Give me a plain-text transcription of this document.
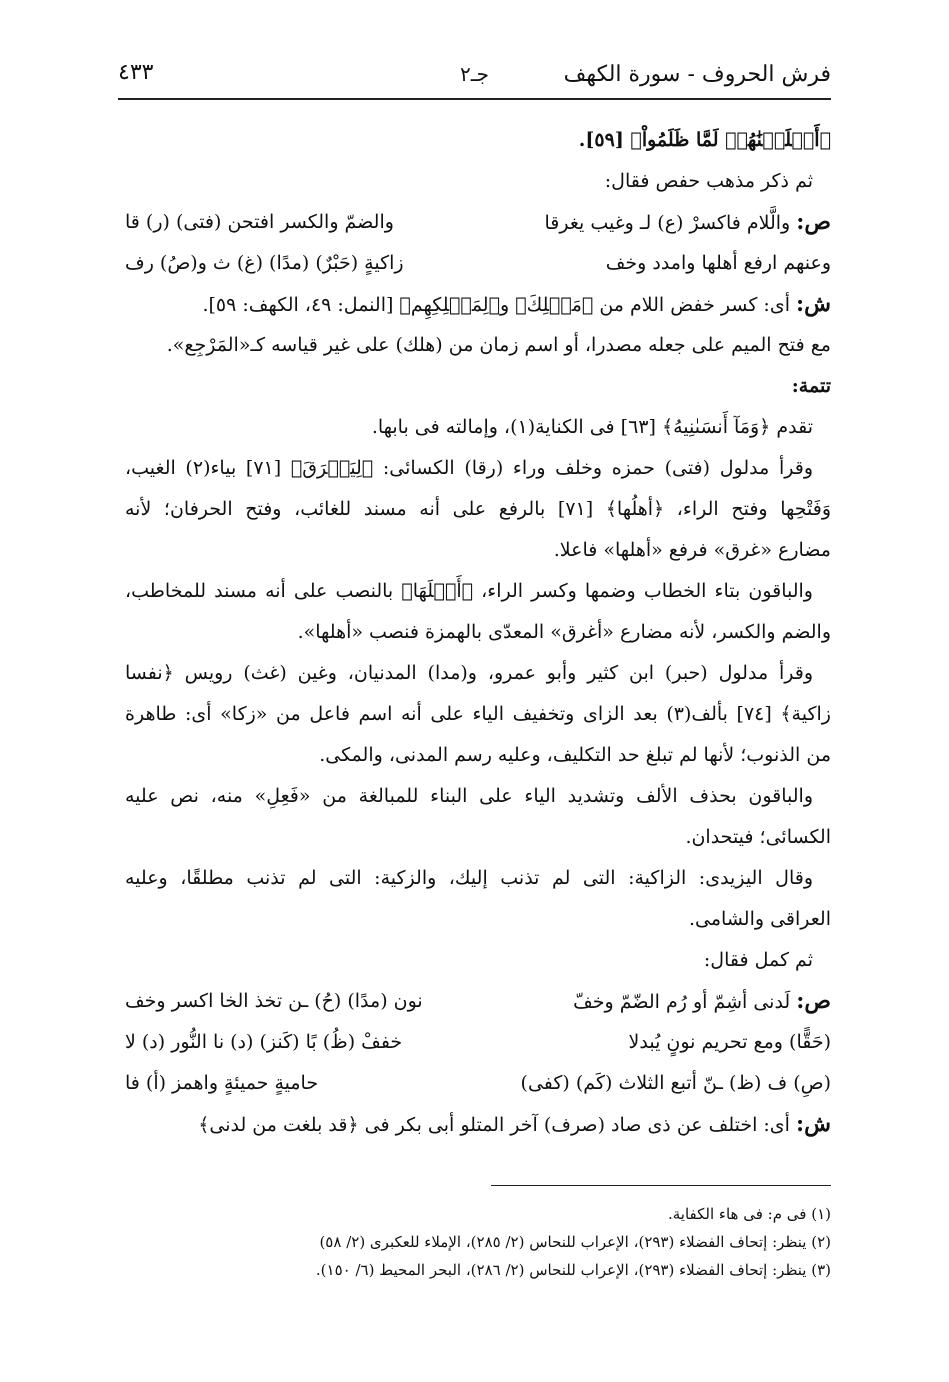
فرش الحروف - سورة الكهف
جـ٢
٤٣٣
﴿أَهۡلَكۡنَٰهُمۡ لَمَّا ظَلَمُواْ﴾ [٥٩].
ثم ذكر مذهب حفص فقال:
ص: والَّلام فاكسرْ (ع) لـ وغيب يغرقا
والضمّ والكسر افتحن (فتى) (ر) قا
وعنهم ارفع أهلها وامدد وخف
زاكيةٍ (حَبْرٌ) (مدًا) (غ) ث و(صُ) رف
ش: أى: كسر خفض اللام من ﴿مَهۡلِكَ﴾ و﴿لِمَهۡلِكِهِم﴾ [النمل: ٤٩، الكهف: ٥٩].
مع فتح الميم على جعله مصدرا، أو اسم زمان من (هلك) على غير قياسه كـ«المَرْجِع».
تتمة:
تقدم ﴿وَمَآ أَنسَىٰنِيهُ﴾ [٦٣] فى الكناية(١)، وإمالته فى بابها.
وقرأ مدلول (فتى) حمزه وخلف وراء (رقا) الكسائى: ﴿لِيَغۡرَقَ﴾ [٧١] بياء(٢) الغيب،
وَفَتْحِها وفتح الراء، ﴿أهلُها﴾ [٧١] بالرفع على أنه مسند للغائب، وفتح الحرفان؛ لأنه
مضارع «غرق» فرفع «أهلها» فاعلا.
والباقون بتاء الخطاب وضمها وكسر الراء، ﴿أَهۡلَهَا﴾ بالنصب على أنه مسند للمخاطب،
والضم والكسر، لأنه مضارع «أغرق» المعدّى بالهمزة فنصب «أهلها».
وقرأ مدلول (حبر) ابن كثير وأبو عمرو، و(مدا) المدنيان، وغين (غث) رويس ﴿نفسا
زاكية﴾ [٧٤] بألف(٣) بعد الزاى وتخفيف الياء على أنه اسم فاعل من «زكا» أى: طاهرة
من الذنوب؛ لأنها لم تبلغ حد التكليف، وعليه رسم المدنى، والمكى.
والباقون بحذف الألف وتشديد الياء على البناء للمبالغة من «فَعِلِ» منه، نص عليه
الكسائى؛ فيتحدان.
وقال اليزيدى: الزاكية: التى لم تذنب إليك، والزكية: التى لم تذنب مطلقًا، وعليه
العراقى والشامى.
ثم كمل فقال:
ص: لَدنى أشِمّ أو رُم الضّمّ وخفّ
نون (مدًا) (حُ) ـن تخذ الخا اكسر وخف
(حَقًّا) ومع تحريم نونٍ يُبدلا
خففْ (ظُ) بًا (كَنز) (د) نا النُّور (د) لا
(صِ) ف (ظ) ـنّ أتبع الثلاث (كَم) (كفى)
حاميةٍ حميئةٍ واهمز (أ) فا
ش: أى: اختلف عن ذى صاد (صرف) آخر المتلو أبى بكر فى ﴿قد بلغت من لدنى﴾
(١) فى م: فى هاء الكفاية.
(٢) ينظر: إتحاف الفضلاء (٢٩٣)، الإعراب للنحاس (٢/ ٢٨٥)، الإملاء للعكبرى (٢/ ٥٨)
(٣) ينظر: إتحاف الفضلاء (٢٩٣)، الإعراب للنحاس (٢/ ٢٨٦)، البحر المحيط (٦/ ١٥٠).
